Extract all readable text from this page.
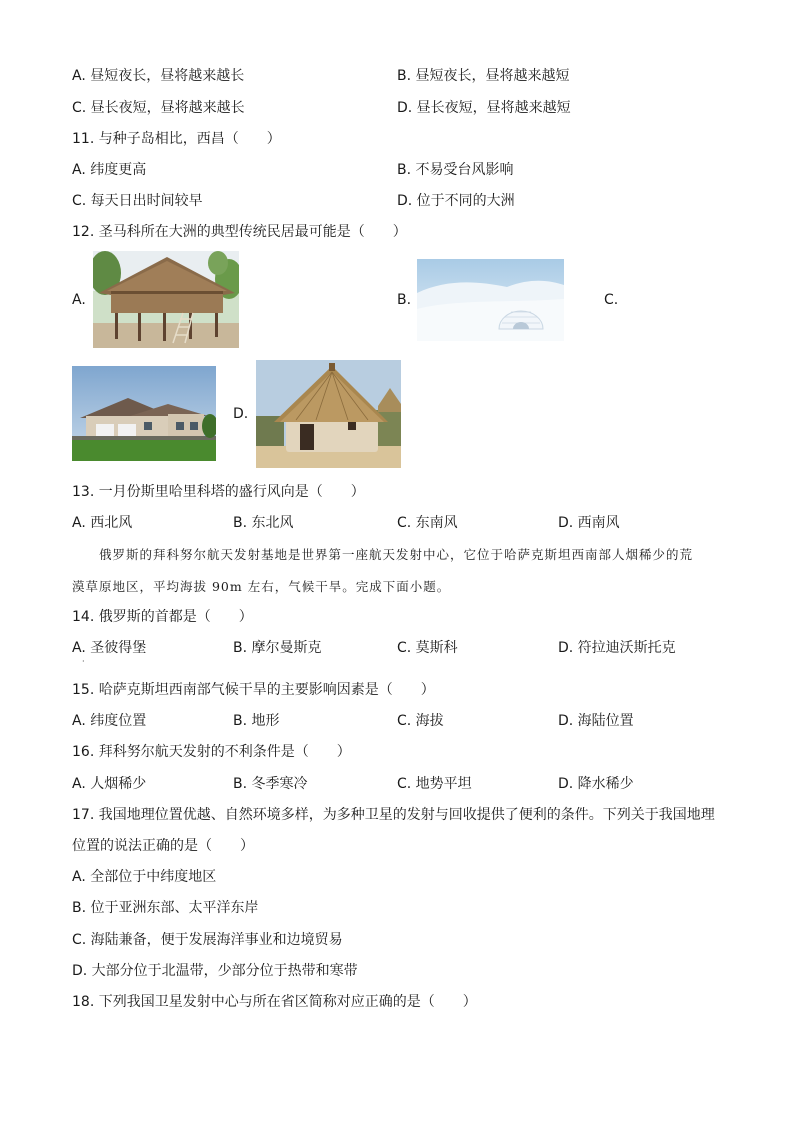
A. 昼短夜长，昼将越来越长	B. 昼短夜长，昼将越来越短
C. 昼长夜短，昼将越来越长	D. 昼长夜短，昼将越来越短
11. 与种子岛相比，西昌（　　）
A. 纬度更高	B. 不易受台风影响
C. 每天日出时间较早	D. 位于不同的大洲
12. 圣马科所在大洲的典型传统民居最可能是（　　）
A.	B.	C.
D.
13. 一月份斯里哈里科塔的盛行风向是（　　）
A. 西北风	B. 东北风	C. 东南风	D. 西南风
俄罗斯的拜科努尔航天发射基地是世界第一座航天发射中心，它位于哈萨克斯坦西南部人烟稀少的荒
漠草原地区，平均海拔 90m 左右，气候干旱。完成下面小题。
14. 俄罗斯的首都是（　　）
A. 圣彼得堡	B. 摩尔曼斯克	C. 莫斯科	D. 符拉迪沃斯托克
·
15. 哈萨克斯坦西南部气候干旱的主要影响因素是（　　）
A. 纬度位置	B. 地形	C. 海拔	D. 海陆位置
16. 拜科努尔航天发射的不利条件是（　　）
A. 人烟稀少	B. 冬季寒冷	C. 地势平坦	D. 降水稀少
17. 我国地理位置优越、自然环境多样，为多种卫星的发射与回收提供了便利的条件。下列关于我国地理
位置的说法正确的是（　　）
A. 全部位于中纬度地区
B. 位于亚洲东部、太平洋东岸
C. 海陆兼备，便于发展海洋事业和边境贸易
D. 大部分位于北温带，少部分位于热带和寒带
18. 下列我国卫星发射中心与所在省区简称对应正确的是（　　）
